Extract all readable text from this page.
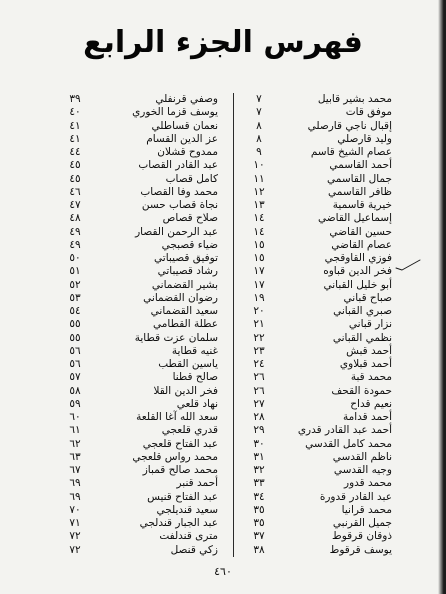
فهرس الجزء الرابع
٧	محمد بشير قابيل
٧	موفق قات
٨	إقبال ناجي قارصلي
٨	وليد قارصلي
٩	عصام الشيخ قاسم
١٠	أحمد القاسمي
١١	جمال القاسمي
١٢	ظافر القاسمي
١٣	خيرية قاسمية
١٤	إسماعيل القاضي
١٤	حسين القاضي
١٥	عصام القاضي
١٥	فوزي القاوقجي
١٧	فخر الدين قباوه
١٧	أبو خليل القباني
١٩	صباح قباني
٢٠	صبري القباني
٢١	نزار قباني
٢٢	نظمي القباني
٢٣	أحمد قبش
٢٤	أحمد قبلاوي
٢٦	محمد قبة
٢٦	حمودة القحف
٢٧	نعيم قداح
٢٨	أحمد قدامة
٢٩	أحمد عبد القادر قدري
٣٠	محمد كامل القدسي
٣١	ناظم القدسي
٣٢	وجيه القدسي
٣٣	محمد قدور
٣٤	عبد القادر قدورة
٣٥	محمد قرانيا
٣٥	جميل القرنبي
٣٧	ذوقان قرقوط
٣٨	يوسف قرقوط
٣٩	وصفي قرنفلي
٤٠	يوسف قزما الخوري
٤١	نعمان قساطلي
٤١	عز الدين القسام
٤٤	ممدوح قشلان
٤٥	عبد القادر القصاب
٤٥	كامل قصاب
٤٦	محمد وفا القصاب
٤٧	نجاة قصاب حسن
٤٨	صلاح قصاص
٤٩	عبد الرحمن القصار
٤٩	ضياء قصبجي
٥٠	توفيق قصيباتي
٥١	رشاد قصيباتي
٥٢	بشير القضماني
٥٣	رضوان القضماني
٥٤	سعيد القضماني
٥٥	عطلة القطامي
٥٥	سلمان عزت قطاية
٥٦	غنيه قطاية
٥٦	ياسين القطب
٥٧	صالح قطنا
٥٨	فخر الدين القلا
٥٩	نهاد قلعي
٦٠	سعد الله آغا القلعة
٦١	قدري قلعجي
٦٢	عبد الفتاح قلعجي
٦٣	محمد رواس قلعجي
٦٧	محمد صالح قمباز
٦٩	أحمد قنبر
٦٩	عبد الفتاح قنيس
٧٠	سعيد قنديلجي
٧١	عبد الجبار قندلجي
٧٢	مترى قندلفت
٧٢	زكي قنصل
٤٦٠
